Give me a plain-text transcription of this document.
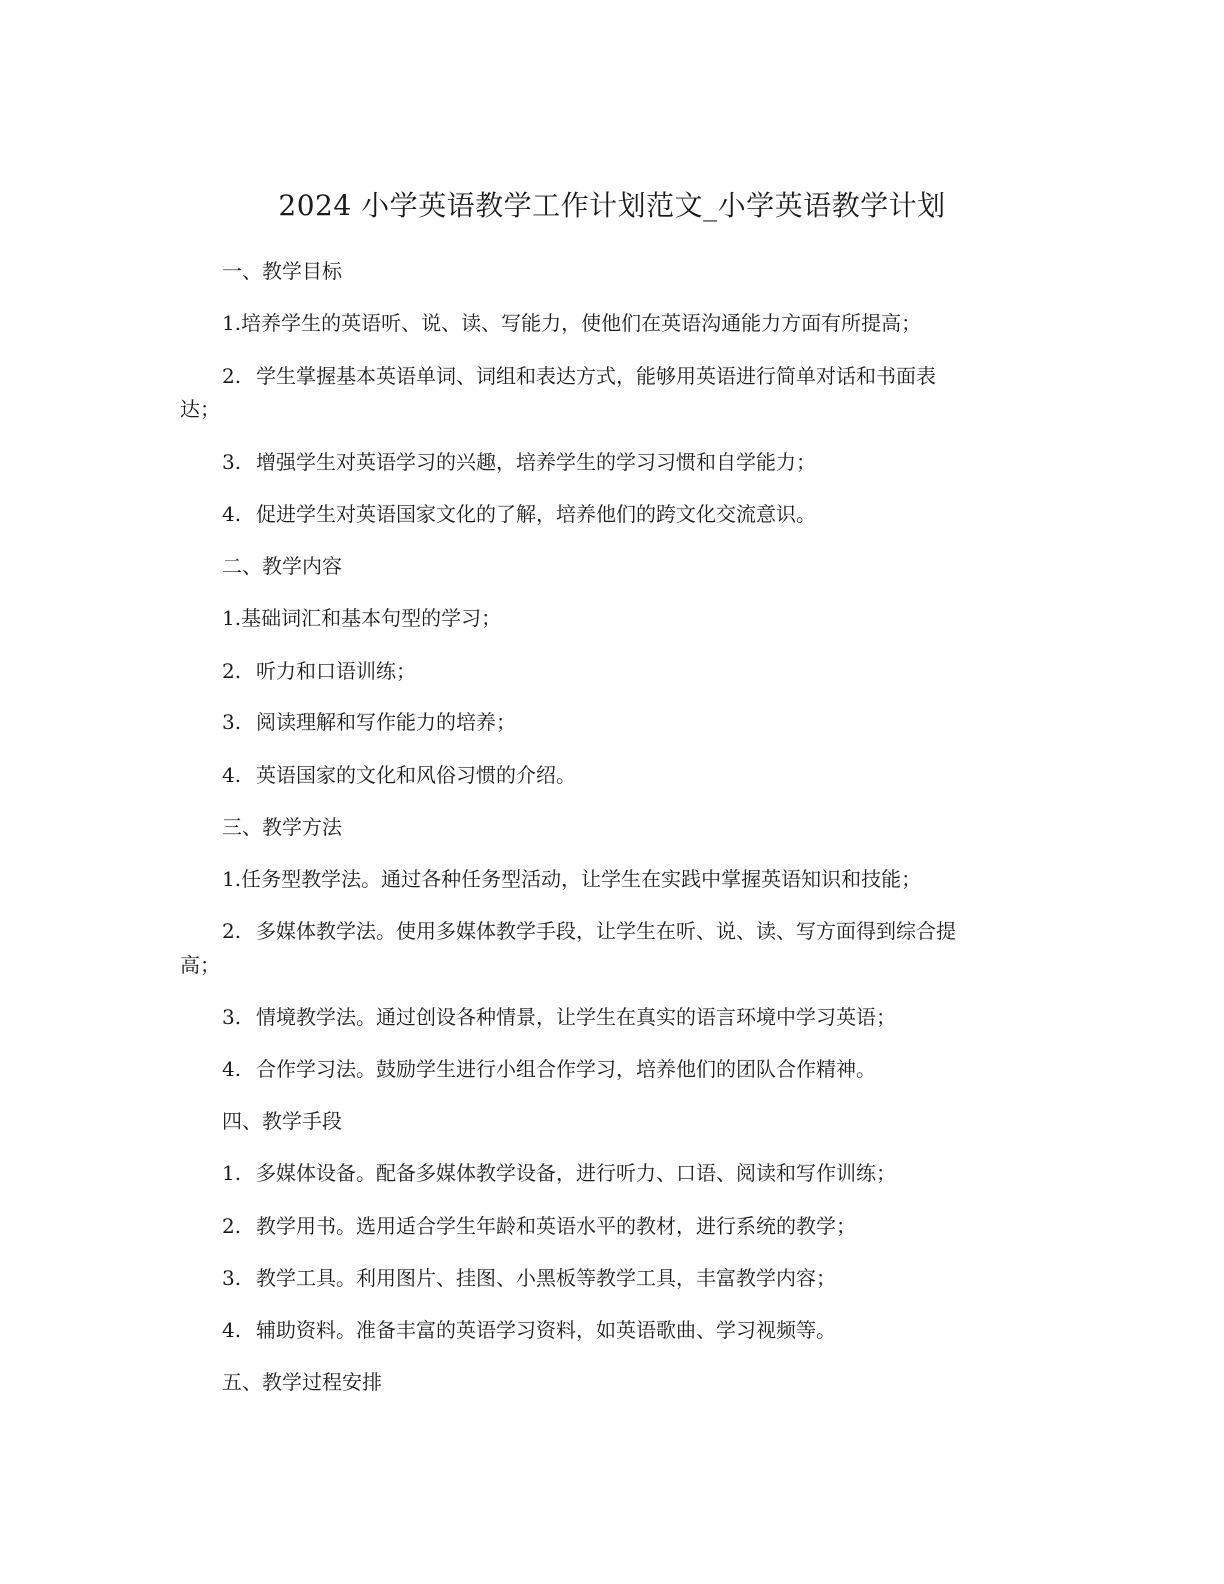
2024 小学英语教学工作计划范文_小学英语教学计划
一、教学目标
1.培养学生的英语听、说、读、写能力，使他们在英语沟通能力方面有所提高；
2. 学生掌握基本英语单词、词组和表达方式，能够用英语进行简单对话和书面表
达；
3. 增强学生对英语学习的兴趣，培养学生的学习习惯和自学能力；
4. 促进学生对英语国家文化的了解，培养他们的跨文化交流意识。
二、教学内容
1.基础词汇和基本句型的学习；
2. 听力和口语训练；
3. 阅读理解和写作能力的培养；
4. 英语国家的文化和风俗习惯的介绍。
三、教学方法
1.任务型教学法。通过各种任务型活动，让学生在实践中掌握英语知识和技能；
2. 多媒体教学法。使用多媒体教学手段，让学生在听、说、读、写方面得到综合提
高；
3. 情境教学法。通过创设各种情景，让学生在真实的语言环境中学习英语；
4. 合作学习法。鼓励学生进行小组合作学习，培养他们的团队合作精神。
四、教学手段
1. 多媒体设备。配备多媒体教学设备，进行听力、口语、阅读和写作训练；
2. 教学用书。选用适合学生年龄和英语水平的教材，进行系统的教学；
3. 教学工具。利用图片、挂图、小黑板等教学工具，丰富教学内容；
4. 辅助资料。准备丰富的英语学习资料，如英语歌曲、学习视频等。
五、教学过程安排
